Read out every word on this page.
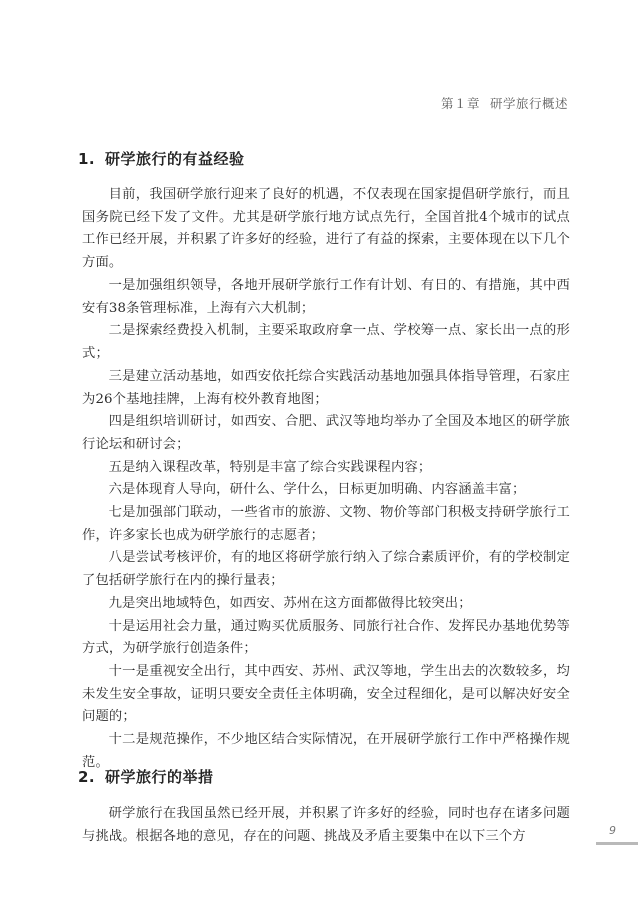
第１章 研学旅行概述
1. 研学旅行的有益经验

目前，我国研学旅行迎来了良好的机遇，不仅表现在国家提倡研学旅行，而且国务院已经下发了文件。尤其是研学旅行地方试点先行，全国首批4个城市的试点工作已经开展，并积累了许多好的经验，进行了有益的探索，主要体现在以下几个方面。

一是加强组织领导，各地开展研学旅行工作有计划、有日的、有措施，其中西安有38条管理标准，上海有六大机制；

二是探索经费投入机制，主要采取政府拿一点、学校筹一点、家长出一点的形式；

三是建立活动基地，如西安依托综合实践活动基地加强具体指导管理，石家庄为26个基地挂牌，上海有校外教育地图；

四是组织培训研讨，如西安、合肥、武汉等地均举办了全国及本地区的研学旅行论坛和研讨会；

五是纳入课程改革，特别是丰富了综合实践课程内容；

六是体现育人导向，研什么、学什么，日标更加明确、内容涵盖丰富；

七是加强部门联动，一些省市的旅游、文物、物价等部门积极支持研学旅行工作，许多家长也成为研学旅行的志愿者；

八是尝试考核评价，有的地区将研学旅行纳入了综合素质评价，有的学校制定了包括研学旅行在内的操行量表；

九是突出地域特色，如西安、苏州在这方面都做得比较突出；

十是运用社会力量，通过购买优质服务、同旅行社合作、发挥民办基地优势等方式，为研学旅行创造条件；

十一是重视安全出行，其中西安、苏州、武汉等地，学生出去的次数较多，均未发生安全事故，证明只要安全责任主体明确，安全过程细化，是可以解决好安全问题的；

十二是规范操作，不少地区结合实际情况，在开展研学旅行工作中严格操作规范。

2. 研学旅行的举措

研学旅行在我国虽然已经开展，并积累了许多好的经验，同时也存在诸多问题与挑战。根据各地的意见，存在的问题、挑战及矛盾主要集中在以下三个方	9
